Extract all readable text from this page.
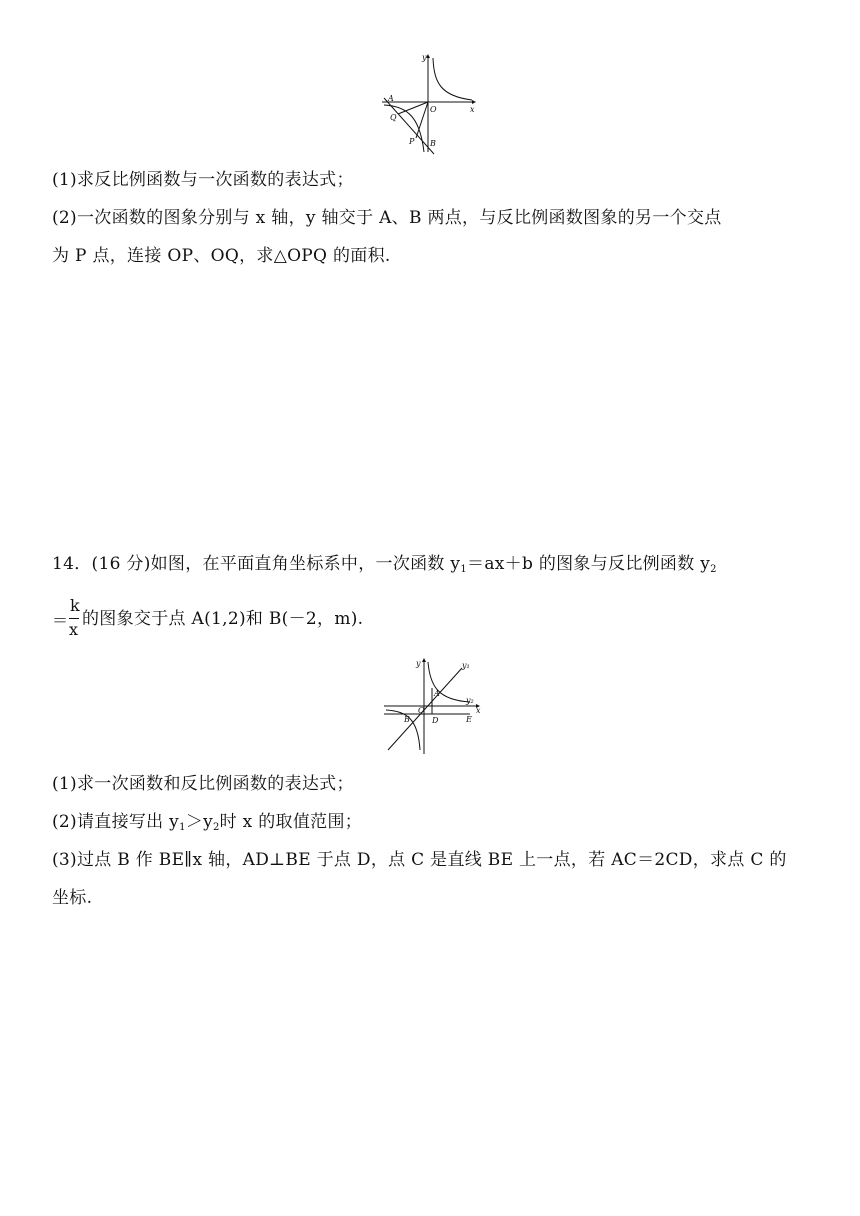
y
x
A
O
Q
P B
(1)求反比例函数与一次函数的表达式；
(2)一次函数的图象分别与 x 轴，y 轴交于 A、B 两点，与反比例函数图象的另一个交点
为 P 点，连接 OP、OQ，求△OPQ 的面积.
14．(16 分)如图，在平面直角坐标系中，一次函数 $y_1=ax+b$ 的图象与反比例函数 $y_2$
＝
k
x
的图象交于点 A(1,2)和 B(－2，m).
y	y₁
y₂
x
A
O
B	D	E
(1)求一次函数和反比例函数的表达式；
(2)请直接写出 $y_1>y_2$时 x 的取值范围；
(3)过点 B 作 BE∥x 轴，AD⊥BE 于点 D，点 C 是直线 BE 上一点，若 AC＝2CD，求点 C 的
坐标.
